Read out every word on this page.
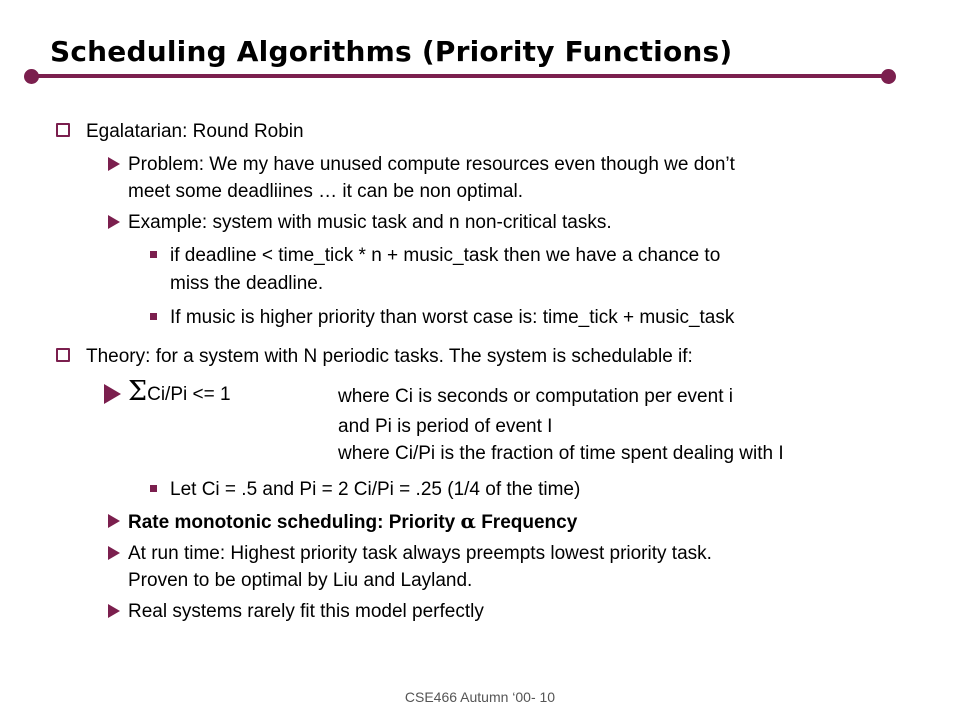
Scheduling Algorithms (Priority Functions)
Egalatarian: Round Robin
Problem: We my have unused compute resources even though we don’t
meet some deadliines … it can be non optimal.
Example: system with music task and n non-critical tasks.
if deadline < time_tick * n + music_task then we have a chance to
miss the deadline.
If music is higher priority than worst case is: time_tick + music_task
Theory: for a system with N periodic tasks. The system is schedulable if:
ΣCi/Pi <= 1	where Ci is seconds or computation per event i
and Pi is period of event I
where Ci/Pi is the fraction of time spent dealing with I
Let Ci = .5 and Pi = 2 Ci/Pi = .25 (1/4 of the time)
Rate monotonic scheduling: Priority α Frequency
At run time: Highest priority task always preempts lowest priority task.
Proven to be optimal by Liu and Layland.
Real systems rarely fit this model perfectly
CSE466 Autumn ‘00- 10
